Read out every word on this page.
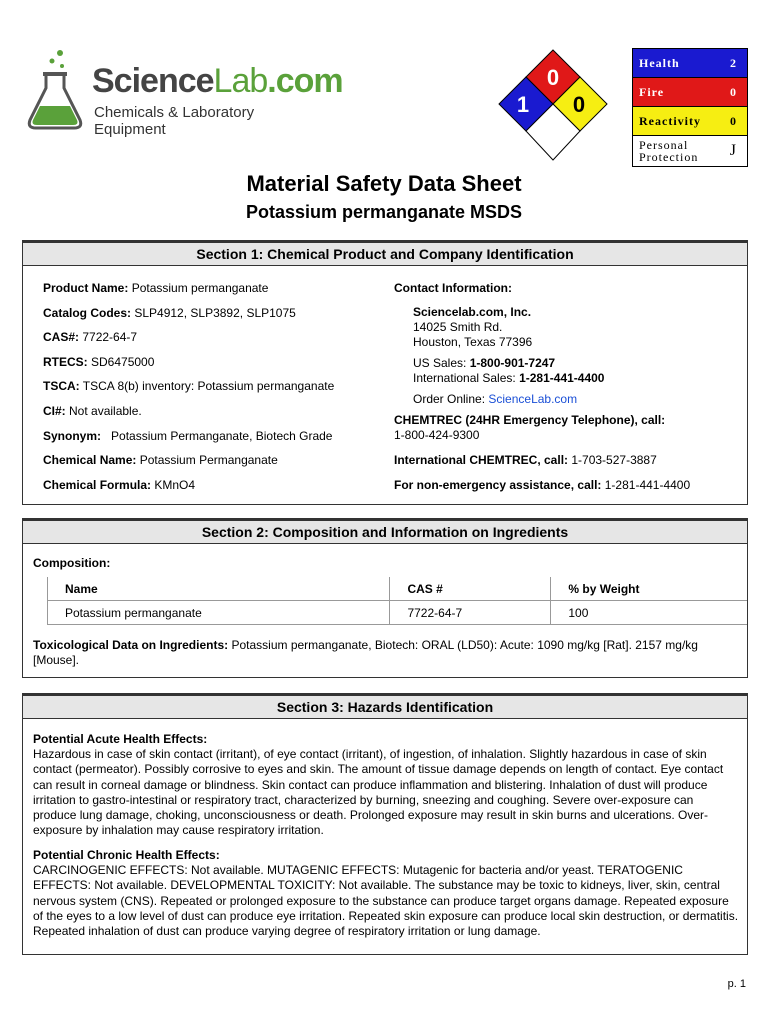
ScienceLab.com
Chemicals & Laboratory Equipment
0
1 0
Health	2
Fire	0
Reactivity 0
Personal
Protection J
Material Safety Data Sheet
Potassium permanganate MSDS
Section 1: Chemical Product and Company Identification
Product Name: Potassium permanganate
Catalog Codes: SLP4912, SLP3892, SLP1075
CAS#: 7722-64-7
RTECS: SD6475000
TSCA: TSCA 8(b) inventory: Potassium permanganate
CI#: Not available.
Synonym:   Potassium Permanganate, Biotech Grade
Chemical Name: Potassium Permanganate
Chemical Formula: KMnO4
Contact Information:
Sciencelab.com, Inc.
14025 Smith Rd.
Houston, Texas 77396
US Sales: 1-800-901-7247
International Sales: 1-281-441-4400
Order Online: ScienceLab.com
CHEMTREC (24HR Emergency Telephone), call:
1-800-424-9300
International CHEMTREC, call: 1-703-527-3887
For non-emergency assistance, call: 1-281-441-4400
Section 2: Composition and Information on Ingredients
Composition:
Name	CAS #	% by Weight
Potassium permanganate	7722-64-7	100
Toxicological Data on Ingredients: Potassium permanganate, Biotech: ORAL (LD50): Acute: 1090 mg/kg [Rat]. 2157 mg/kg [Mouse].
Section 3: Hazards Identification
Potential Acute Health Effects:
Hazardous in case of skin contact (irritant), of eye contact (irritant), of ingestion, of inhalation. Slightly hazardous in case of skin contact (permeator). Possibly corrosive to eyes and skin. The amount of tissue damage depends on length of contact. Eye contact can result in corneal damage or blindness. Skin contact can produce inflammation and blistering. Inhalation of dust will produce irritation to gastro-intestinal or respiratory tract, characterized by burning, sneezing and coughing. Severe over-exposure can produce lung damage, choking, unconsciousness or death. Prolonged exposure may result in skin burns and ulcerations. Over-exposure by inhalation may cause respiratory irritation.
Potential Chronic Health Effects:
CARCINOGENIC EFFECTS: Not available. MUTAGENIC EFFECTS: Mutagenic for bacteria and/or yeast. TERATOGENIC EFFECTS: Not available. DEVELOPMENTAL TOXICITY: Not available. The substance may be toxic to kidneys, liver, skin, central nervous system (CNS). Repeated or prolonged exposure to the substance can produce target organs damage. Repeated exposure of the eyes to a low level of dust can produce eye irritation. Repeated skin exposure can produce local skin destruction, or dermatitis. Repeated inhalation of dust can produce varying degree of respiratory irritation or lung damage.
p. 1
